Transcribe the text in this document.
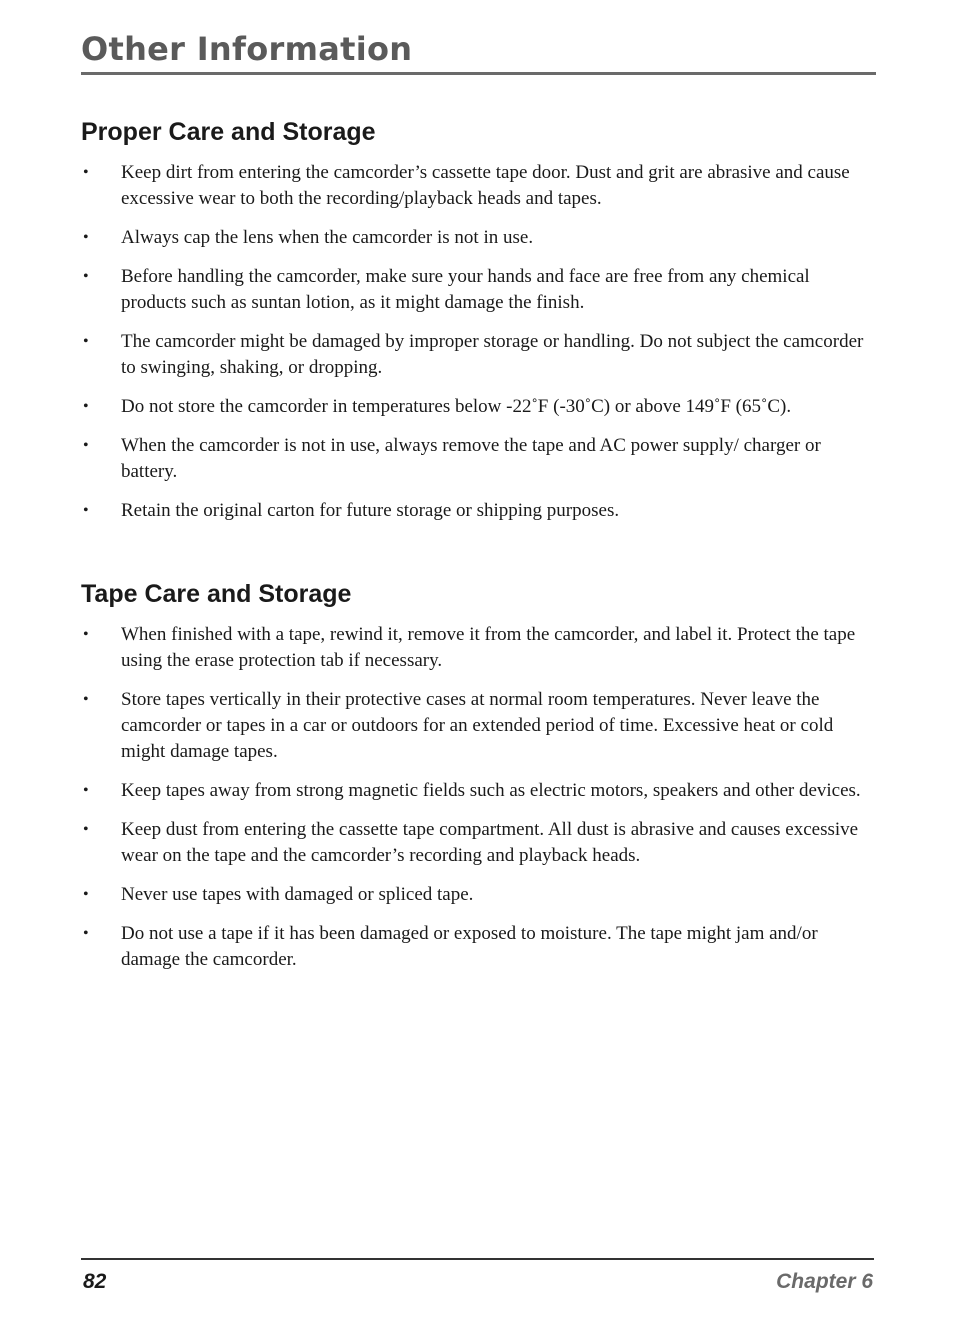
Other Information
Proper Care and Storage
• Keep dirt from entering the camcorder’s cassette tape door. Dust and grit are abrasive and cause excessive wear to both the recording/playback heads and tapes.
• Always cap the lens when the camcorder is not in use.
• Before handling the camcorder, make sure your hands and face are free from any chemical products such as suntan lotion, as it might damage the finish.
• The camcorder might be damaged by improper storage or handling. Do not subject the camcorder to swinging, shaking, or dropping.
• Do not store the camcorder in temperatures below -22˚F (-30˚C) or above 149˚F (65˚C).
• When the camcorder is not in use, always remove the tape and AC power supply/ charger or battery.
• Retain the original carton for future storage or shipping purposes.
Tape Care and Storage
• When finished with a tape, rewind it, remove it from the camcorder, and label it. Protect the tape using the erase protection tab if necessary.
• Store tapes vertically in their protective cases at normal room temperatures. Never leave the camcorder or tapes in a car or outdoors for an extended period of time. Excessive heat or cold might damage tapes.
• Keep tapes away from strong magnetic fields such as electric motors, speakers and other devices.
• Keep dust from entering the cassette tape compartment. All dust is abrasive and causes excessive wear on the tape and the camcorder’s recording and playback heads.
• Never use tapes with damaged or spliced tape.
• Do not use a tape if it has been damaged or exposed to moisture. The tape might jam and/or damage the camcorder.
82	Chapter 6
